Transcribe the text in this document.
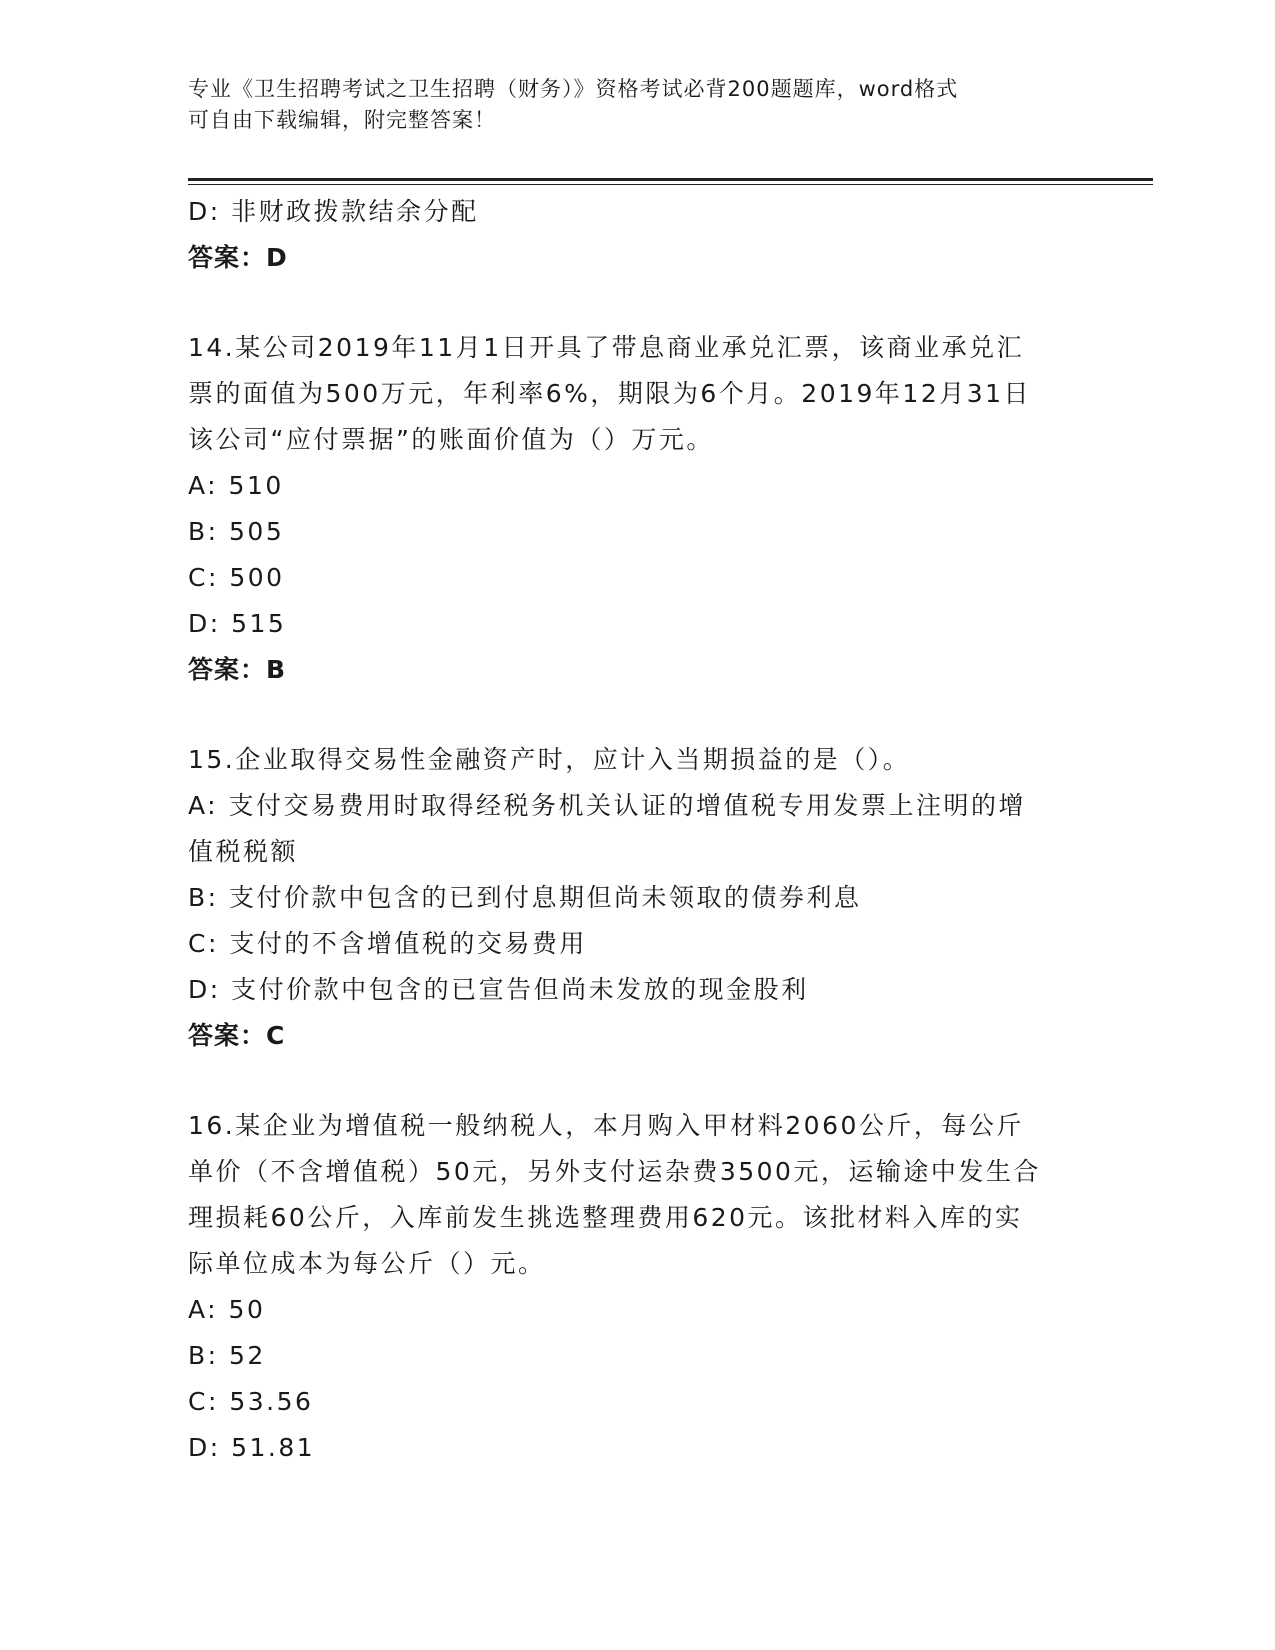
专业《卫生招聘考试之卫生招聘（财务）》资格考试必背200题题库，word格式
可自由下载编辑，附完整答案！
D: 非财政拨款结余分配
答案：D
14.某公司2019年11月1日开具了带息商业承兑汇票，该商业承兑汇
票的面值为500万元，年利率6%，期限为6个月。2019年12月31日
该公司“应付票据”的账面价值为（）万元。
A: 510
B: 505
C: 500
D: 515
答案：B
15.企业取得交易性金融资产时，应计入当期损益的是（）。
A: 支付交易费用时取得经税务机关认证的增值税专用发票上注明的增
值税税额
B: 支付价款中包含的已到付息期但尚未领取的债券利息
C: 支付的不含增值税的交易费用
D: 支付价款中包含的已宣告但尚未发放的现金股利
答案：C
16.某企业为增值税一般纳税人，本月购入甲材料2060公斤，每公斤
单价（不含增值税）50元，另外支付运杂费3500元，运输途中发生合
理损耗60公斤，入库前发生挑选整理费用620元。该批材料入库的实
际单位成本为每公斤（）元。
A: 50
B: 52
C: 53.56
D: 51.81
